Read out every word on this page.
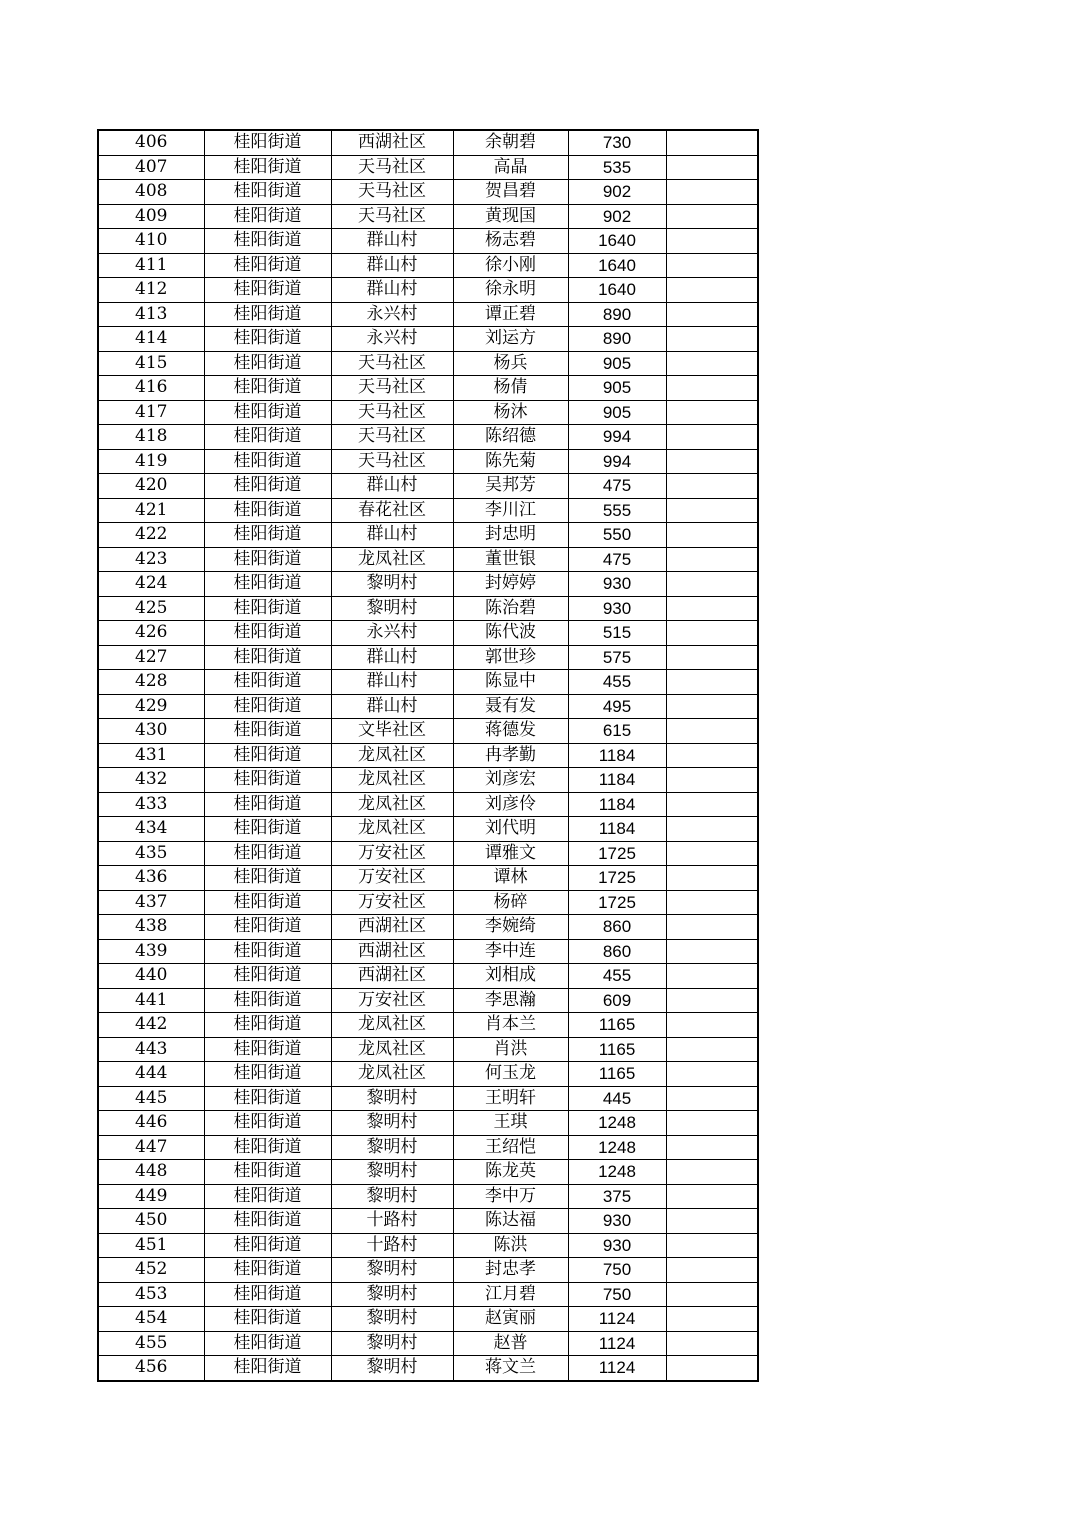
406	桂阳街道	西湖社区	余朝碧	730	
407	桂阳街道	天马社区	高晶	535	
408	桂阳街道	天马社区	贺昌碧	902	
409	桂阳街道	天马社区	黄现国	902	
410	桂阳街道	群山村	杨志碧	1640	
411	桂阳街道	群山村	徐小刚	1640	
412	桂阳街道	群山村	徐永明	1640	
413	桂阳街道	永兴村	谭正碧	890	
414	桂阳街道	永兴村	刘运方	890	
415	桂阳街道	天马社区	杨兵	905	
416	桂阳街道	天马社区	杨倩	905	
417	桂阳街道	天马社区	杨沐	905	
418	桂阳街道	天马社区	陈绍德	994	
419	桂阳街道	天马社区	陈先菊	994	
420	桂阳街道	群山村	吴邦芳	475	
421	桂阳街道	春花社区	李川江	555	
422	桂阳街道	群山村	封忠明	550	
423	桂阳街道	龙凤社区	董世银	475	
424	桂阳街道	黎明村	封婷婷	930	
425	桂阳街道	黎明村	陈治碧	930	
426	桂阳街道	永兴村	陈代波	515	
427	桂阳街道	群山村	郭世珍	575	
428	桂阳街道	群山村	陈显中	455	
429	桂阳街道	群山村	聂有发	495	
430	桂阳街道	文毕社区	蒋德发	615	
431	桂阳街道	龙凤社区	冉孝勤	1184	
432	桂阳街道	龙凤社区	刘彦宏	1184	
433	桂阳街道	龙凤社区	刘彦伶	1184	
434	桂阳街道	龙凤社区	刘代明	1184	
435	桂阳街道	万安社区	谭雅文	1725	
436	桂阳街道	万安社区	谭林	1725	
437	桂阳街道	万安社区	杨碎	1725	
438	桂阳街道	西湖社区	李婉绮	860	
439	桂阳街道	西湖社区	李中连	860	
440	桂阳街道	西湖社区	刘相成	455	
441	桂阳街道	万安社区	李思瀚	609	
442	桂阳街道	龙凤社区	肖本兰	1165	
443	桂阳街道	龙凤社区	肖洪	1165	
444	桂阳街道	龙凤社区	何玉龙	1165	
445	桂阳街道	黎明村	王明轩	445	
446	桂阳街道	黎明村	王琪	1248	
447	桂阳街道	黎明村	王绍恺	1248	
448	桂阳街道	黎明村	陈龙英	1248	
449	桂阳街道	黎明村	李中万	375	
450	桂阳街道	十路村	陈达福	930	
451	桂阳街道	十路村	陈洪	930	
452	桂阳街道	黎明村	封忠孝	750	
453	桂阳街道	黎明村	江月碧	750	
454	桂阳街道	黎明村	赵寅丽	1124	
455	桂阳街道	黎明村	赵普	1124	
456	桂阳街道	黎明村	蒋文兰	1124	
